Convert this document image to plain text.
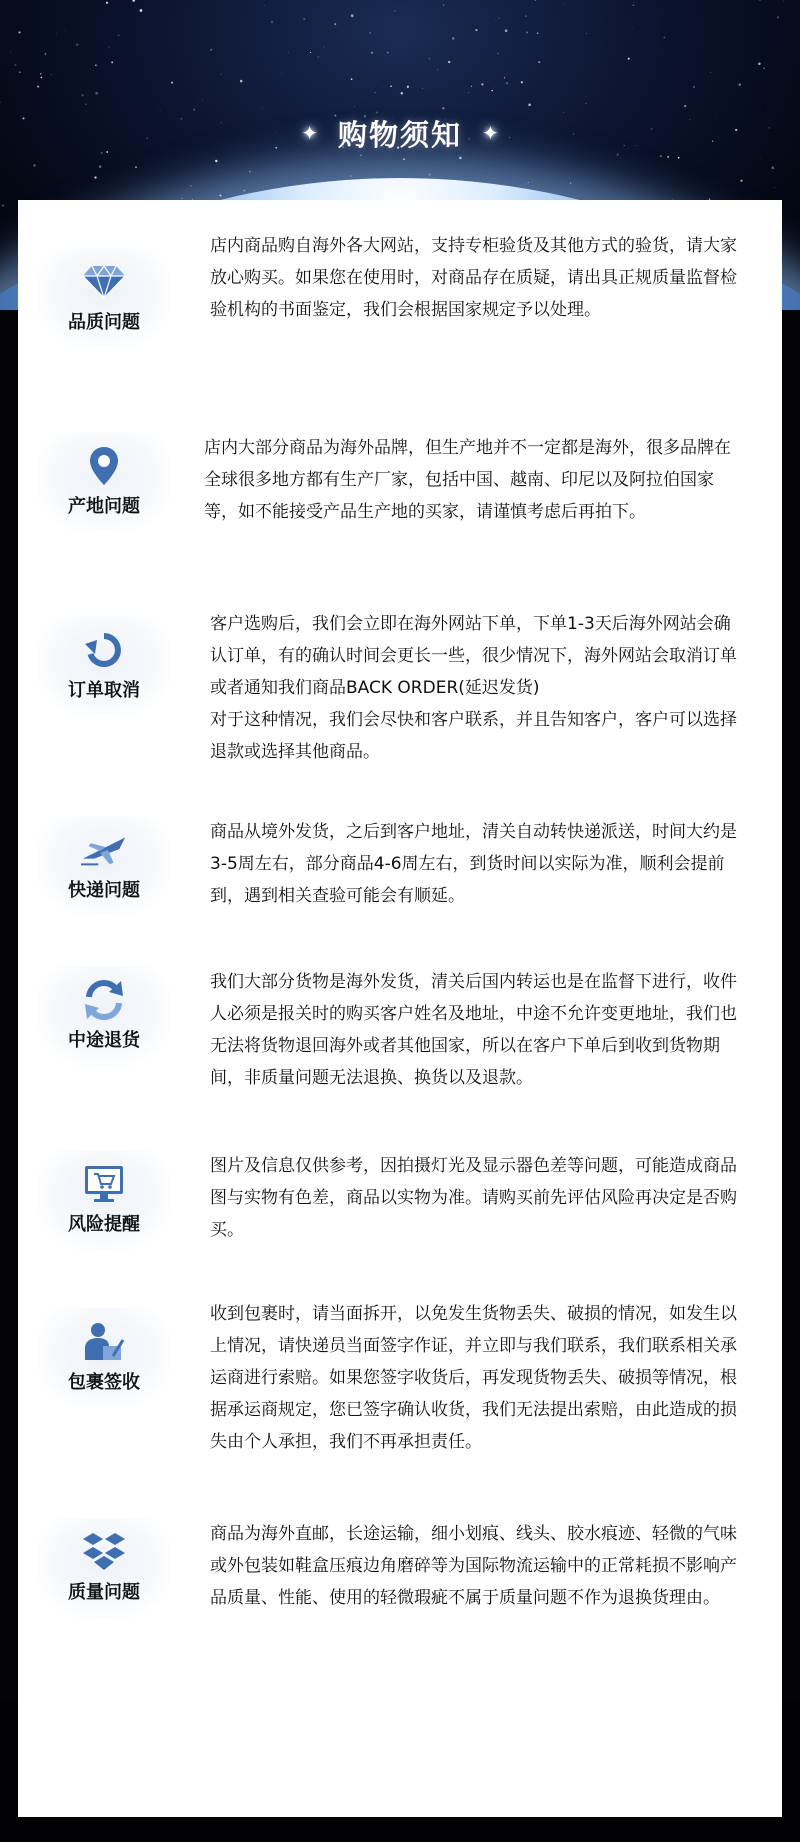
✦ 购物须知 ✦
品质问题

店内商品购自海外各大网站，支持专柜验货及其他方式的验货，请大家放心购买。如果您在使用时，对商品存在质疑，请出具正规质量监督检验机构的书面鉴定，我们会根据国家规定予以处理。

产地问题

店内大部分商品为海外品牌，但生产地并不一定都是海外，很多品牌在全球很多地方都有生产厂家，包括中国、越南、印尼以及阿拉伯国家等，如不能接受产品生产地的买家，请谨慎考虑后再拍下。

订单取消

客户选购后，我们会立即在海外网站下单，下单1-3天后海外网站会确认订单，有的确认时间会更长一些，很少情况下，海外网站会取消订单或者通知我们商品BACK ORDER(延迟发货)

对于这种情况，我们会尽快和客户联系，并且告知客户，客户可以选择退款或选择其他商品。

快递问题

商品从境外发货，之后到客户地址，清关自动转快递派送，时间大约是3-5周左右，部分商品4-6周左右，到货时间以实际为准，顺利会提前到，遇到相关查验可能会有顺延。

中途退货

我们大部分货物是海外发货，清关后国内转运也是在监督下进行，收件人必须是报关时的购买客户姓名及地址，中途不允许变更地址，我们也无法将货物退回海外或者其他国家，所以在客户下单后到收到货物期间，非质量问题无法退换、换货以及退款。

风险提醒

图片及信息仅供参考，因拍摄灯光及显示器色差等问题，可能造成商品图与实物有色差，商品以实物为准。请购买前先评估风险再决定是否购买。

包裹签收

收到包裹时，请当面拆开，以免发生货物丢失、破损的情况，如发生以上情况，请快递员当面签字作证，并立即与我们联系，我们联系相关承运商进行索赔。如果您签字收货后，再发现货物丢失、破损等情况，根据承运商规定，您已签字确认收货，我们无法提出索赔，由此造成的损失由个人承担，我们不再承担责任。

质量问题

商品为海外直邮，长途运输，细小划痕、线头、胶水痕迹、轻微的气味或外包装如鞋盒压痕边角磨碎等为国际物流运输中的正常耗损不影响产品质量、性能、使用的轻微瑕疵不属于质量问题不作为退换货理由。
